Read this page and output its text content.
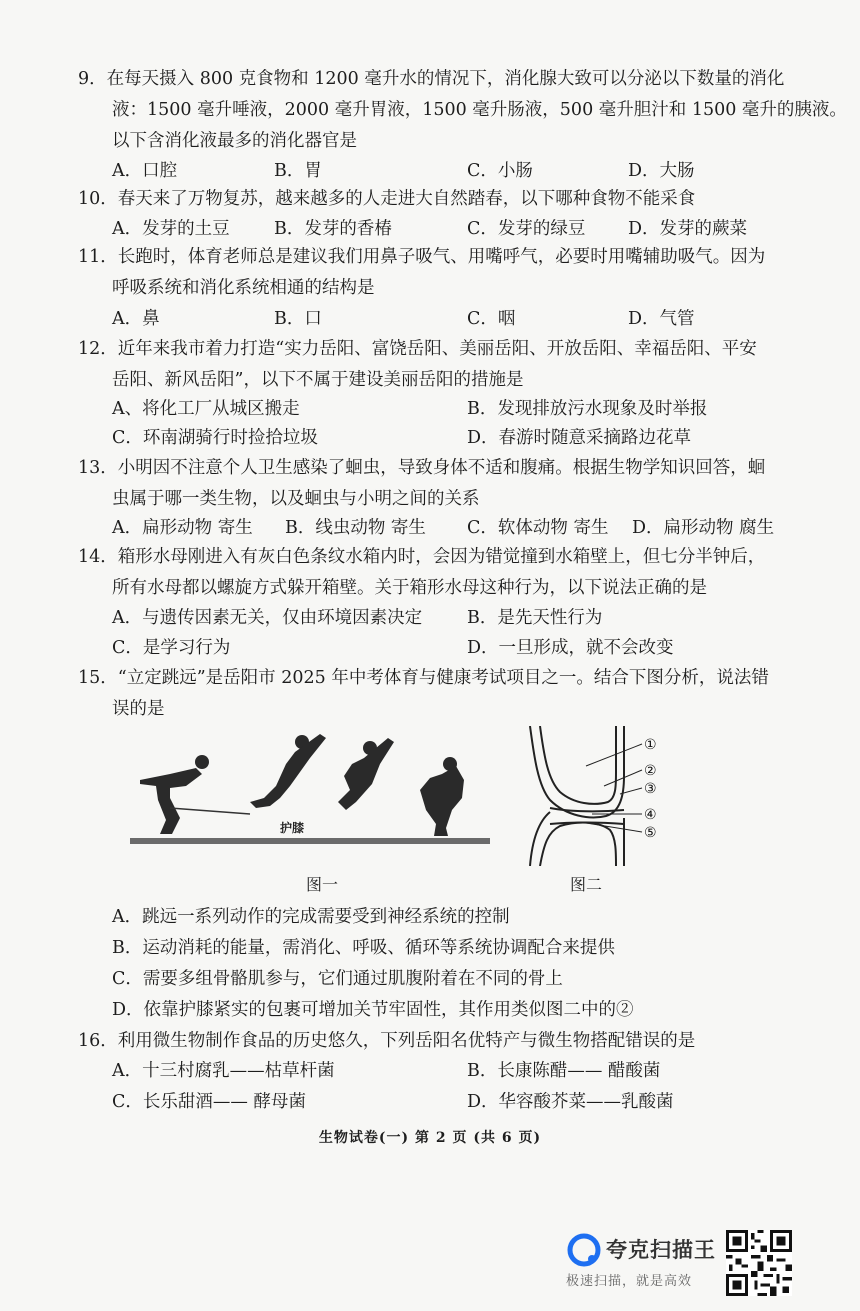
9．在每天摄入 800 克食物和 1200 毫升水的情况下，消化腺大致可以分泌以下数量的消化
液：1500 毫升唾液，2000 毫升胃液，1500 毫升肠液，500 毫升胆汁和 1500 毫升的胰液。
以下含消化液最多的消化器官是
A．口腔	B．胃	C．小肠	D．大肠
10．春天来了万物复苏，越来越多的人走进大自然踏春，以下哪种食物不能采食
A．发芽的土豆	B．发芽的香椿	C．发芽的绿豆 D．发芽的蕨菜
11．长跑时，体育老师总是建议我们用鼻子吸气、用嘴呼气，必要时用嘴辅助吸气。因为
呼吸系统和消化系统相通的结构是
A．鼻	B．口	C．咽	D．气管
12．近年来我市着力打造“实力岳阳、富饶岳阳、美丽岳阳、开放岳阳、幸福岳阳、平安
岳阳、新风岳阳”，以下不属于建设美丽岳阳的措施是
A、将化工厂从城区搬走	B．发现排放污水现象及时举报
C．环南湖骑行时捡拾垃圾	D．春游时随意采摘路边花草
13．小明因不注意个人卫生感染了蛔虫，导致身体不适和腹痛。根据生物学知识回答，蛔
虫属于哪一类生物，以及蛔虫与小明之间的关系
A．扁形动物 寄生 B．线虫动物 寄生 C．软体动物 寄生 D．扁形动物 腐生
14．箱形水母刚进入有灰白色条纹水箱内时，会因为错觉撞到水箱壁上，但七分半钟后，
所有水母都以螺旋方式躲开箱壁。关于箱形水母这种行为，以下说法正确的是
A．与遗传因素无关，仅由环境因素决定	B．是先天性行为
C．是学习行为	D．一旦形成，就不会改变
15．“立定跳远”是岳阳市 2025 年中考体育与健康考试项目之一。结合下图分析，说法错
误的是
护膝
图一
①
②
③
④
⑤
图二
A．跳远一系列动作的完成需要受到神经系统的控制
B．运动消耗的能量，需消化、呼吸、循环等系统协调配合来提供
C．需要多组骨骼肌参与，它们通过肌腹附着在不同的骨上
D．依靠护膝紧实的包裹可增加关节牢固性，其作用类似图二中的②
16．利用微生物制作食品的历史悠久，下列岳阳名优特产与微生物搭配错误的是
A．十三村腐乳——枯草杆菌	B．长康陈醋—— 醋酸菌
C．长乐甜酒—— 酵母菌	D．华容酸芥菜——乳酸菌
生物试卷(一) 第 2 页 (共 6 页)
夸克扫描王
极速扫描，就是高效
